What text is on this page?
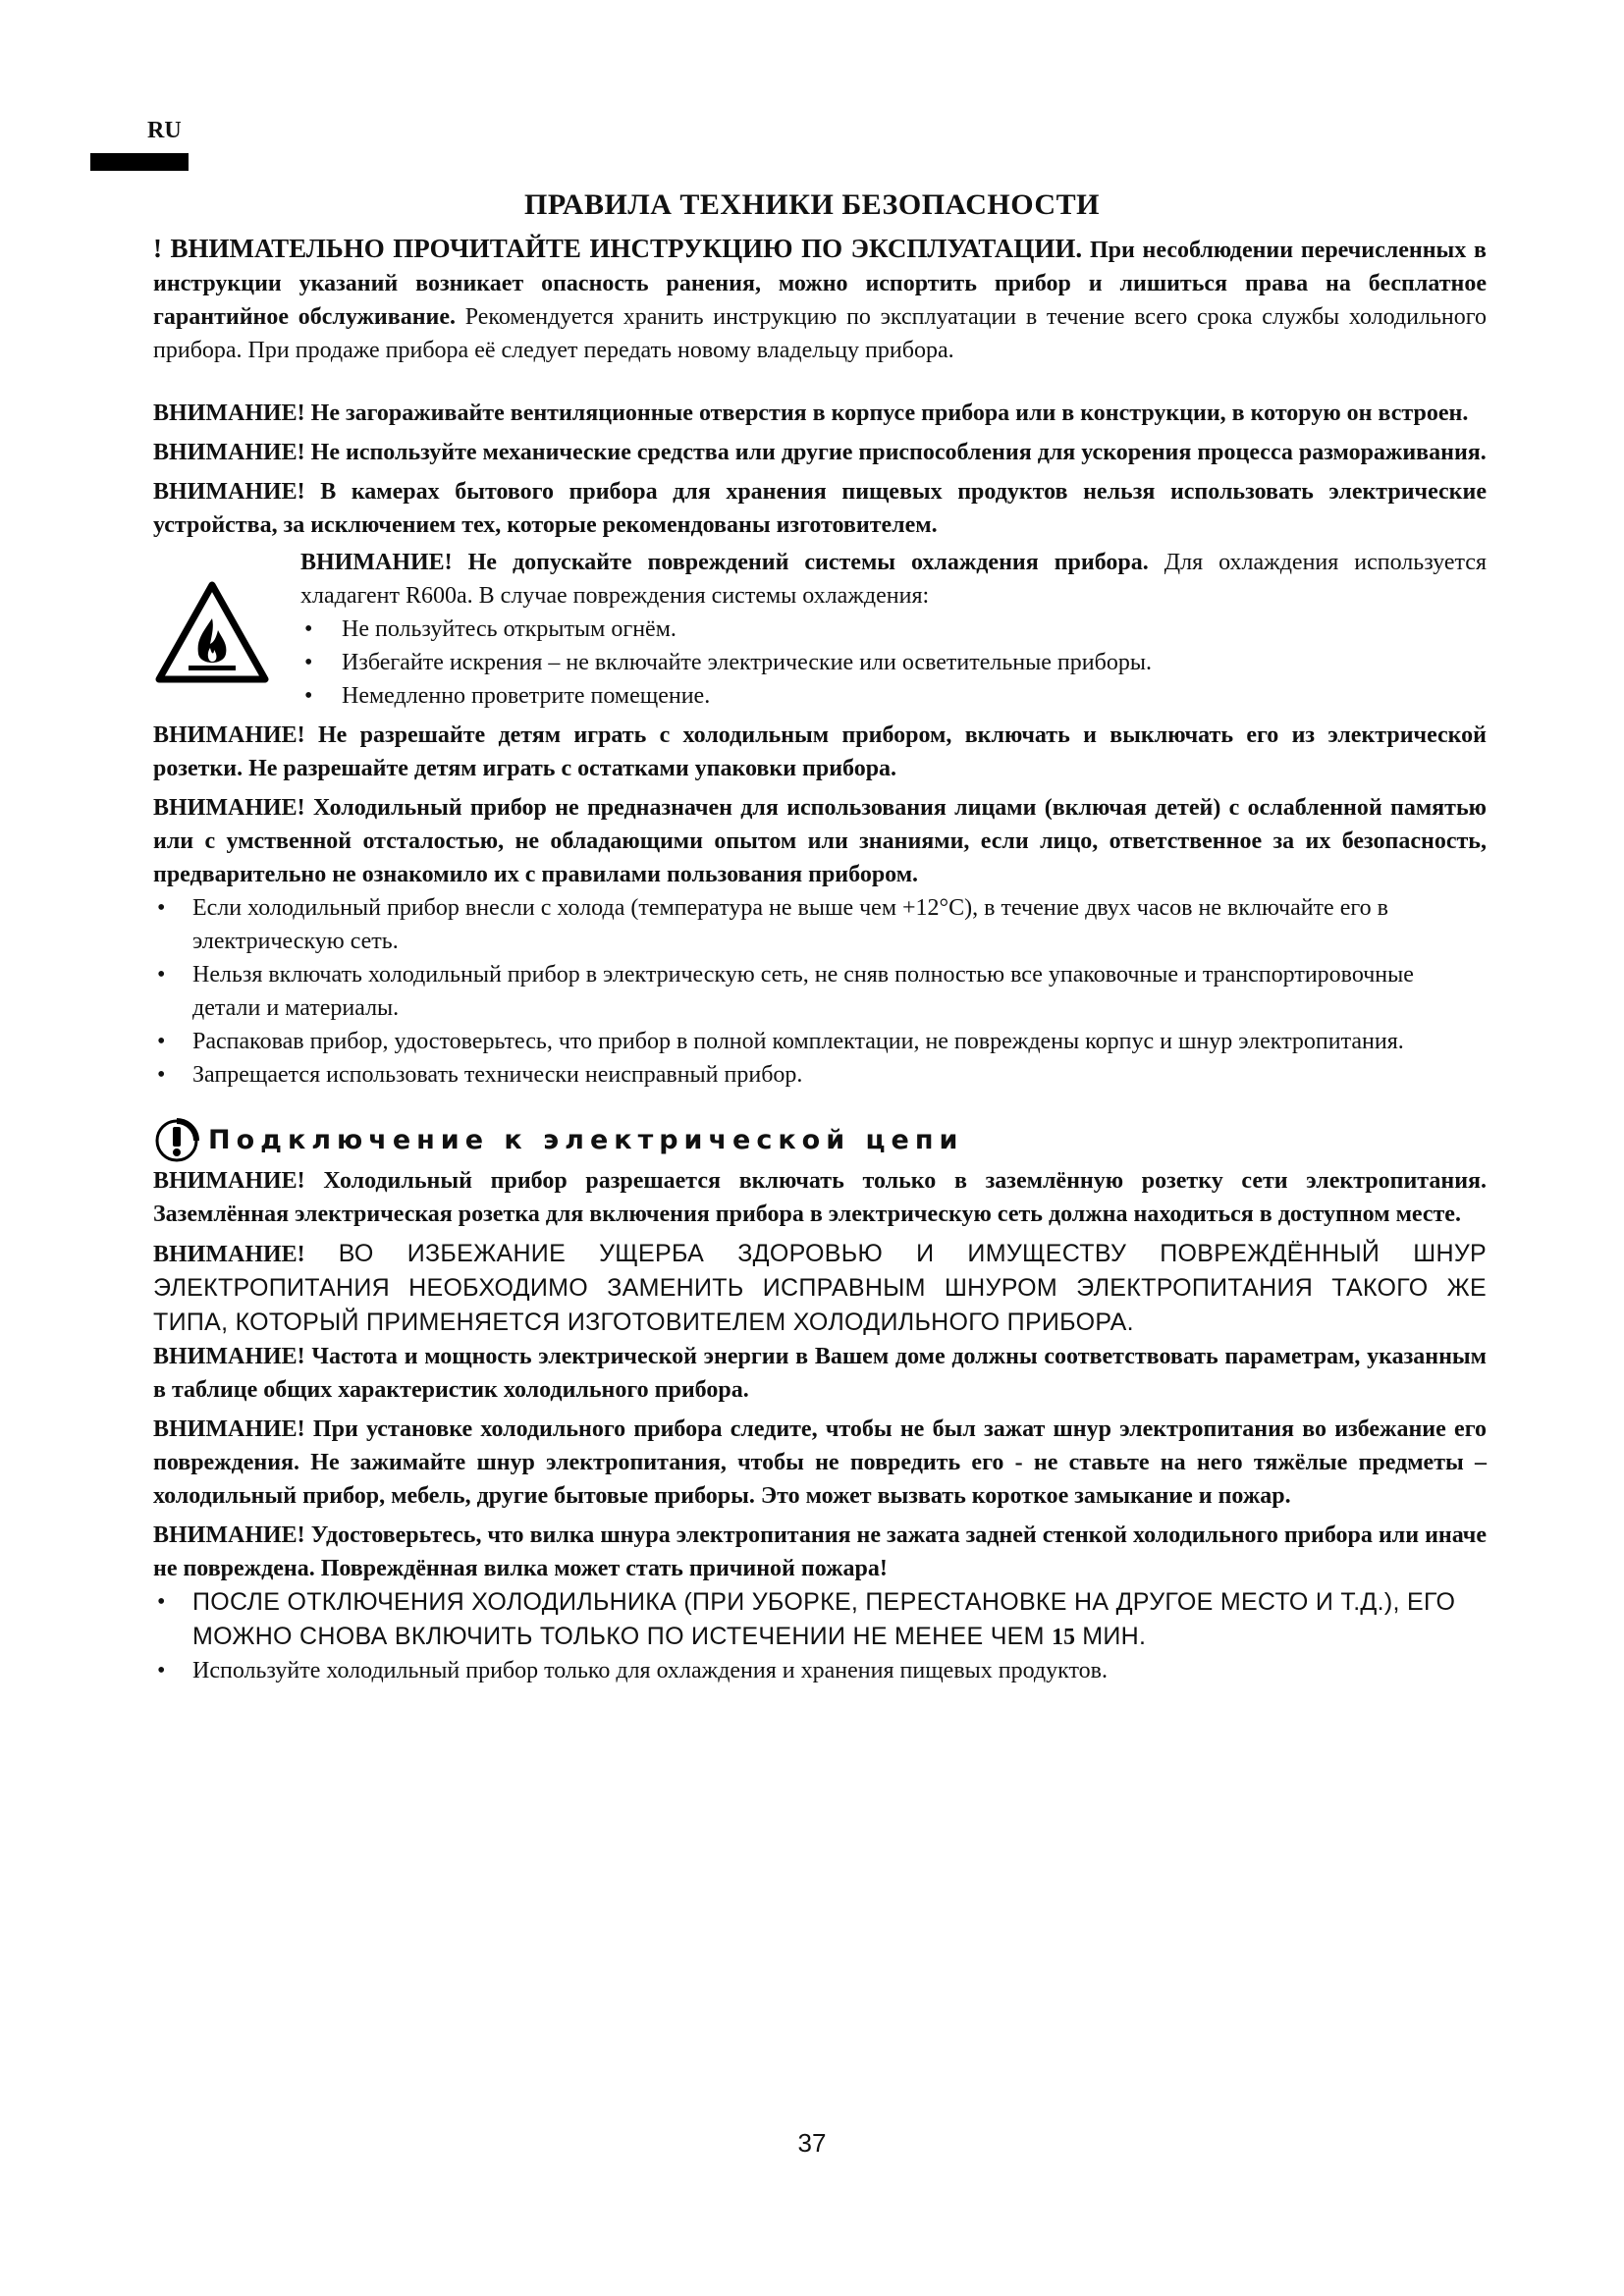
RU
ПРАВИЛА ТЕХНИКИ БЕЗОПАСНОСТИ

! ВНИМАТЕЛЬНО ПРОЧИТАЙТЕ ИНСТРУКЦИЮ ПО ЭКСПЛУАТАЦИИ. При несоблюдении перечисленных в инструкции указаний возникает опасность ранения, можно испортить прибор и лишиться права на бесплатное гарантийное обслуживание. Рекомендуется хранить инструкцию по эксплуатации в течение всего срока службы холодильного прибора. При продаже прибора её следует передать новому владельцу прибора.

ВНИМАНИЕ! Не загораживайте вентиляционные отверстия в корпусе прибора или в конструкции, в которую он встроен.

ВНИМАНИЕ! Не используйте механические средства или другие приспособления для ускорения процесса размораживания.

ВНИМАНИЕ! В камерах бытового прибора для хранения пищевых продуктов нельзя использовать электрические устройства, за исключением тех, которые рекомендованы изготовителем.

ВНИМАНИЕ! Не допускайте повреждений системы охлаждения прибора. Для охлаждения используется хладагент R600a. В случае повреждения системы охлаждения:

• Не пользуйтесь открытым огнём.
• Избегайте искрения – не включайте электрические или осветительные приборы.
• Немедленно проветрите помещение.

ВНИМАНИЕ! Не разрешайте детям играть с холодильным прибором, включать и выключать его из электрической розетки. Не разрешайте детям играть с остатками упаковки прибора.

ВНИМАНИЕ! Холодильный прибор не предназначен для использования лицами (включая детей) с ослабленной памятью или с умственной отсталостью, не обладающими опытом или знаниями, если лицо, ответственное за их безопасность, предварительно не ознакомило их с правилами пользования прибором.

• Если холодильный прибор внесли с холода (температура не выше чем +12°С), в течение двух часов не включайте его в электрическую сеть.
• Нельзя включать холодильный прибор в электрическую сеть, не сняв полностью все упаковочные и транспортировочные детали и материалы.
• Распаковав прибор, удостоверьтесь, что прибор в полной комплектации, не повреждены корпус и шнур электропитания.
• Запрещается использовать технически неисправный прибор.
Подключение к электрической цепи

ВНИМАНИЕ! Холодильный прибор разрешается включать только в заземлённую розетку сети электропитания. Заземлённая электрическая розетка для включения прибора в электрическую сеть должна находиться в доступном месте.

ВНИМАНИЕ! ВО ИЗБЕЖАНИЕ УЩЕРБА ЗДОРОВЬЮ И ИМУЩЕСТВУ ПОВРЕЖДЁННЫЙ ШНУР ЭЛЕКТРОПИТАНИЯ НЕОБХОДИМО ЗАМЕНИТЬ ИСПРАВНЫМ ШНУРОМ ЭЛЕКТРОПИТАНИЯ ТАКОГО ЖЕ ТИПА, КОТОРЫЙ ПРИМЕНЯЕТСЯ ИЗГОТОВИТЕЛЕМ ХОЛОДИЛЬНОГО ПРИБОРА.

ВНИМАНИЕ! Частота и мощность электрической энергии в Вашем доме должны соответствовать параметрам, указанным в таблице общих характеристик холодильного прибора.

ВНИМАНИЕ! При установке холодильного прибора следите, чтобы не был зажат шнур электропитания во избежание его повреждения. Не зажимайте шнур электропитания, чтобы не повредить его - не ставьте на него тяжёлые предметы – холодильный прибор, мебель, другие бытовые приборы. Это может вызвать короткое замыкание и пожар.

ВНИМАНИЕ! Удостоверьтесь, что вилка шнура электропитания не зажата задней стенкой холодильного прибора или иначе не повреждена. Повреждённая вилка может стать причиной пожара!

• ПОСЛЕ ОТКЛЮЧЕНИЯ ХОЛОДИЛЬНИКА (ПРИ УБОРКЕ, ПЕРЕСТАНОВКЕ НА ДРУГОЕ МЕСТО И Т.Д.), ЕГО МОЖНО СНОВА ВКЛЮЧИТЬ ТОЛЬКО ПО ИСТЕЧЕНИИ НЕ МЕНЕЕ ЧЕМ 15 МИН.
• Используйте холодильный прибор только для охлаждения и хранения пищевых продуктов.
37
